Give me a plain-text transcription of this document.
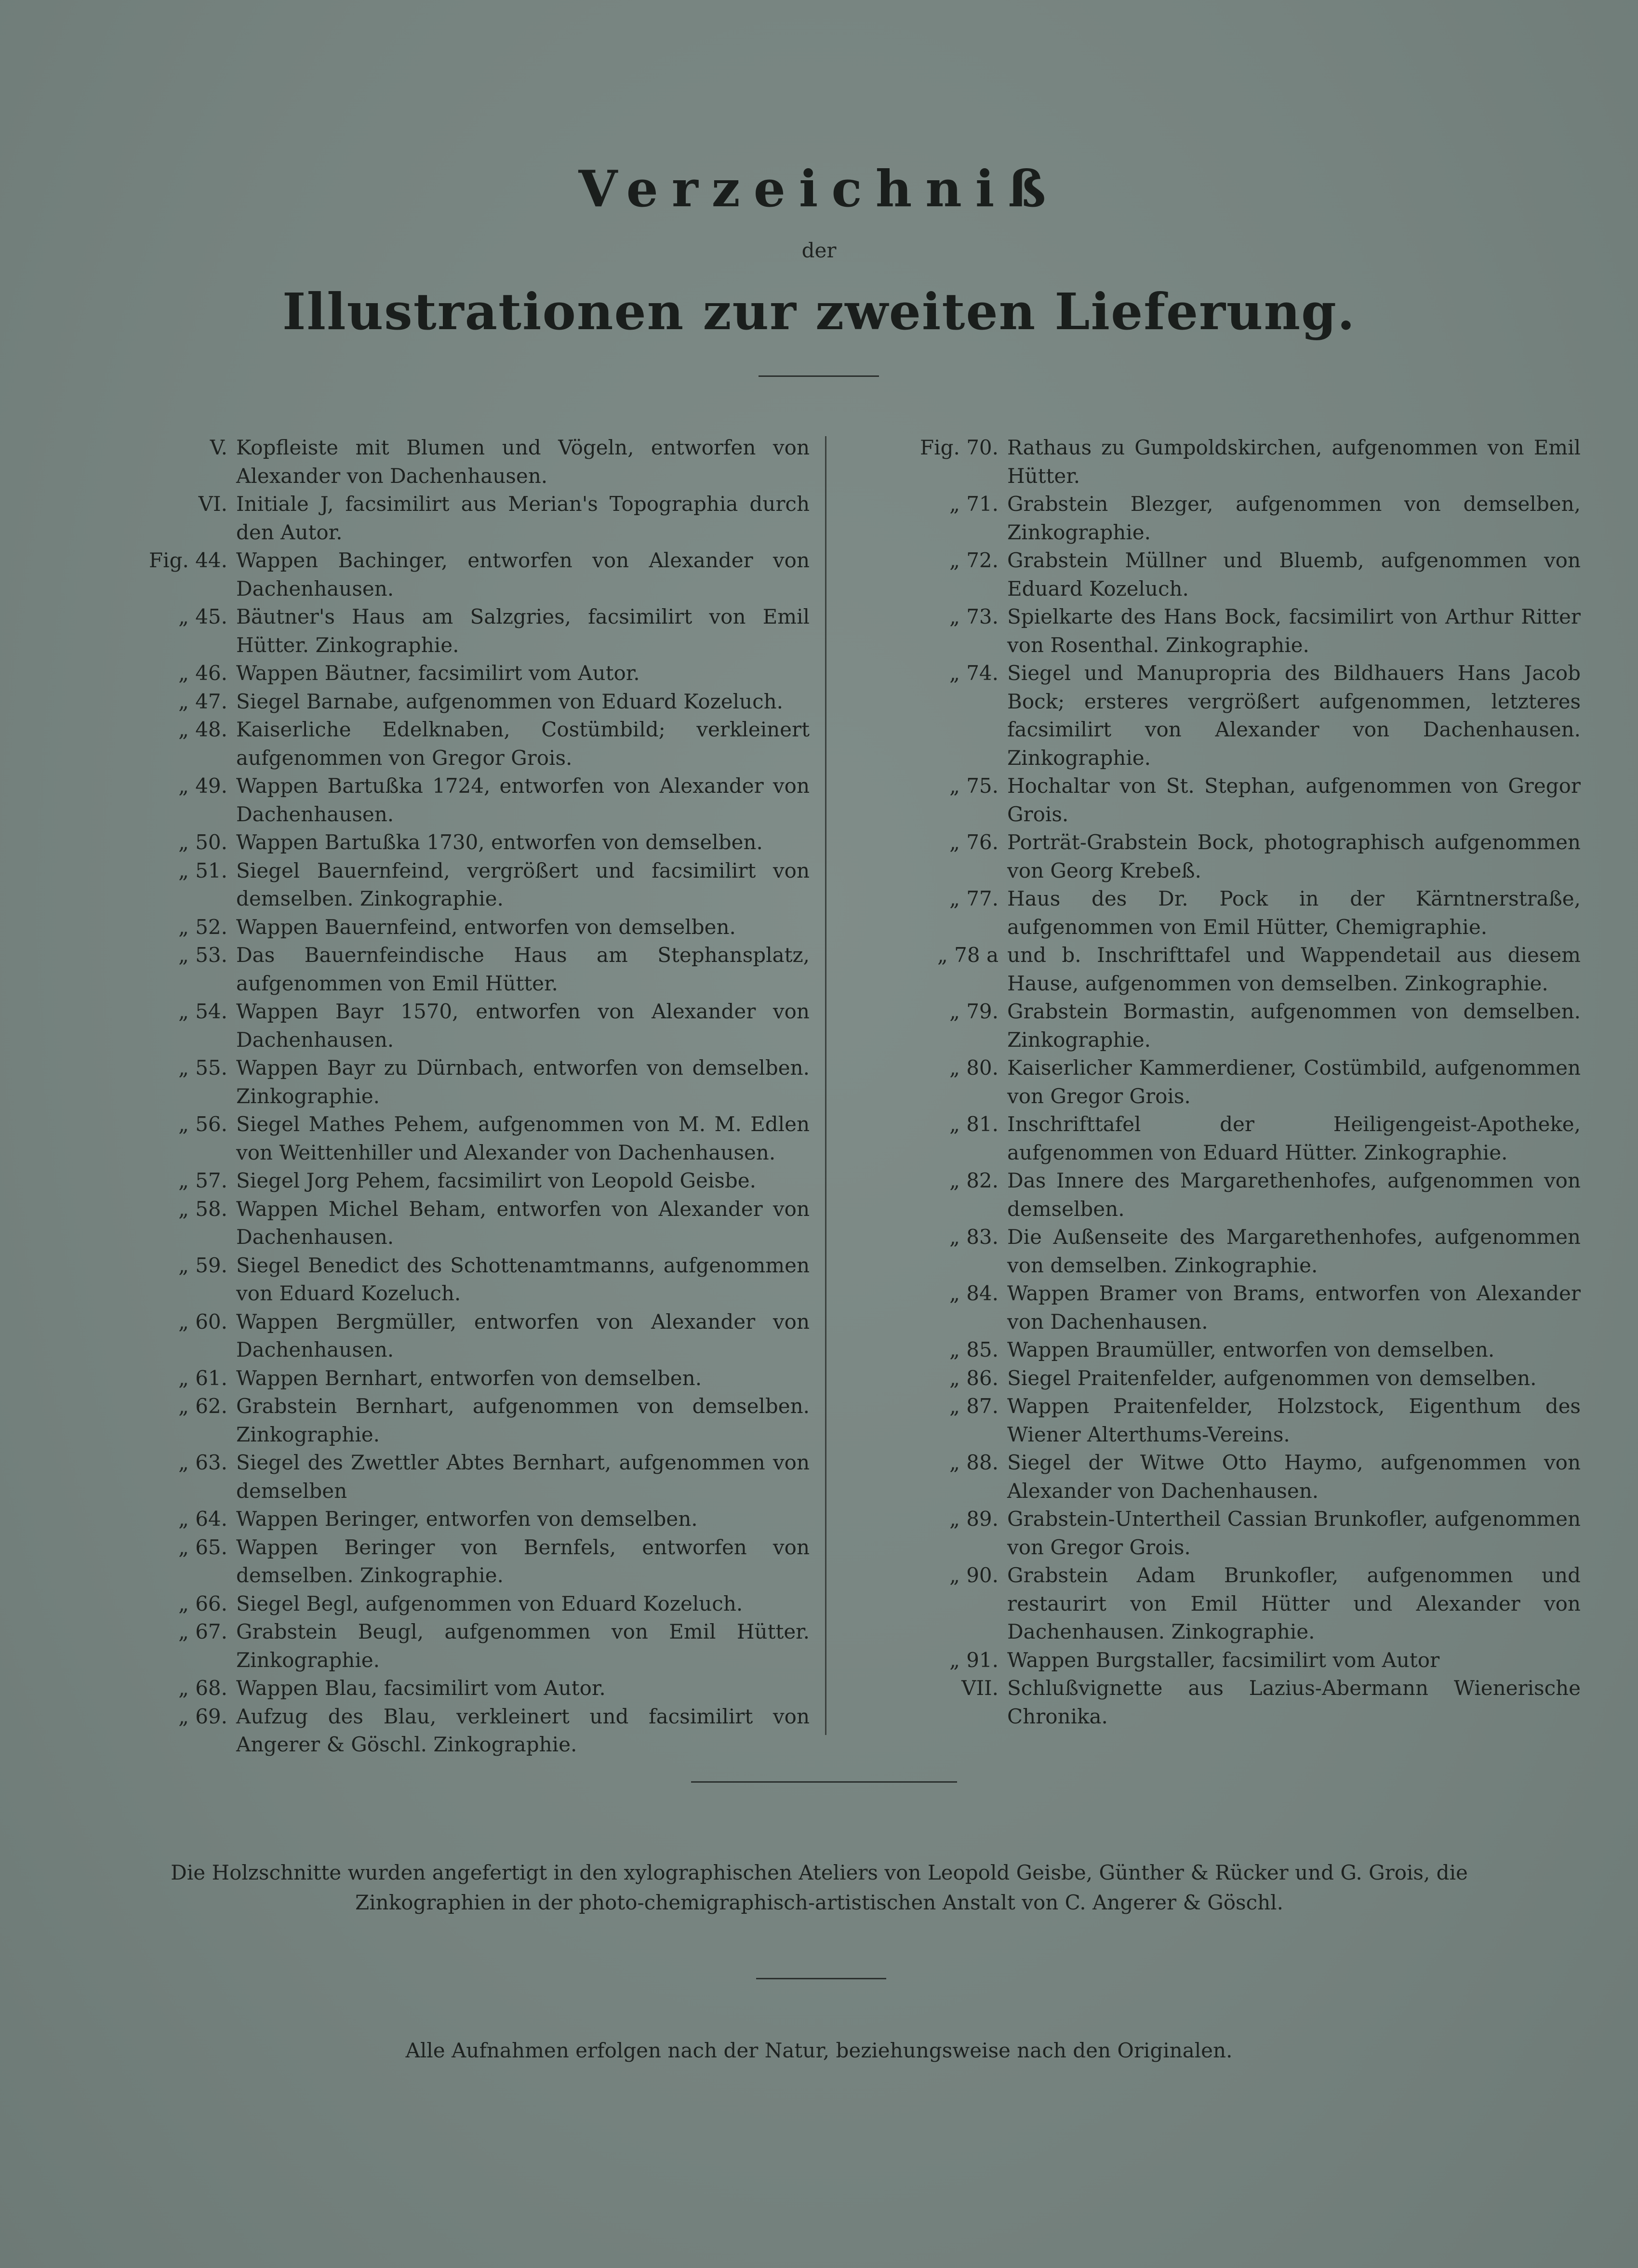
Verzeichniß
der
Illustrationen zur zweiten Lieferung.
V. Kopfleiste mit Blumen und Vögeln, entworfen von Alexander von Dachenhausen.
VI. Initiale J, facsimilirt aus Merian's Topographia durch den Autor.
Fig. 44. Wappen Bachinger, entworfen von Alexander von Dachenhausen.
„ 45. Bäutner's Haus am Salzgries, facsimilirt von Emil Hütter. Zinkographie.
„ 46. Wappen Bäutner, facsimilirt vom Autor.
„ 47. Siegel Barnabe, aufgenommen von Eduard Kozeluch.
„ 48. Kaiserliche Edelknaben, Costümbild; verkleinert aufgenommen von Gregor Grois.
„ 49. Wappen Bartußka 1724, entworfen von Alexander von Dachenhausen.
„ 50. Wappen Bartußka 1730, entworfen von demselben.
„ 51. Siegel Bauernfeind, vergrößert und facsimilirt von demselben. Zinkographie.
„ 52. Wappen Bauernfeind, entworfen von demselben.
„ 53. Das Bauernfeindische Haus am Stephansplatz, aufgenommen von Emil Hütter.
„ 54. Wappen Bayr 1570, entworfen von Alexander von Dachenhausen.
„ 55. Wappen Bayr zu Dürnbach, entworfen von demselben. Zinkographie.
„ 56. Siegel Mathes Pehem, aufgenommen von M. M. Edlen von Weittenhiller und Alexander von Dachenhausen.
„ 57. Siegel Jorg Pehem, facsimilirt von Leopold Geisbe.
„ 58. Wappen Michel Beham, entworfen von Alexander von Dachenhausen.
„ 59. Siegel Benedict des Schottenamtmanns, aufgenommen von Eduard Kozeluch.
„ 60. Wappen Bergmüller, entworfen von Alexander von Dachenhausen.
„ 61. Wappen Bernhart, entworfen von demselben.
„ 62. Grabstein Bernhart, aufgenommen von demselben. Zinkographie.
„ 63. Siegel des Zwettler Abtes Bernhart, aufgenommen von demselben
„ 64. Wappen Beringer, entworfen von demselben.
„ 65. Wappen Beringer von Bernfels, entworfen von demselben. Zinkographie.
„ 66. Siegel Begl, aufgenommen von Eduard Kozeluch.
„ 67. Grabstein Beugl, aufgenommen von Emil Hütter. Zinkographie.
„ 68. Wappen Blau, facsimilirt vom Autor.
„ 69. Aufzug des Blau, verkleinert und facsimilirt von Angerer & Göschl. Zinkographie.
Fig. 70. Rathaus zu Gumpoldskirchen, aufgenommen von Emil Hütter.
„ 71. Grabstein Blezger, aufgenommen von demselben, Zinkographie.
„ 72. Grabstein Müllner und Bluemb, aufgenommen von Eduard Kozeluch.
„ 73. Spielkarte des Hans Bock, facsimilirt von Arthur Ritter von Rosenthal. Zinkographie.
„ 74. Siegel und Manupropria des Bildhauers Hans Jacob Bock; ersteres vergrößert aufgenommen, letzteres facsimilirt von Alexander von Dachenhausen. Zinkographie.
„ 75. Hochaltar von St. Stephan, aufgenommen von Gregor Grois.
„ 76. Porträt-Grabstein Bock, photographisch aufgenommen von Georg Krebeß.
„ 77. Haus des Dr. Pock in der Kärntnerstraße, aufgenommen von Emil Hütter, Chemigraphie.
„ 78 a und b. Inschrifttafel und Wappendetail aus diesem Hause, aufgenommen von demselben. Zinkographie.
„ 79. Grabstein Bormastin, aufgenommen von demselben. Zinkographie.
„ 80. Kaiserlicher Kammerdiener, Costümbild, aufgenommen von Gregor Grois.
„ 81. Inschrifttafel der Heiligengeist-Apotheke, aufgenommen von Eduard Hütter. Zinkographie.
„ 82. Das Innere des Margarethenhofes, aufgenommen von demselben.
„ 83. Die Außenseite des Margarethenhofes, aufgenommen von demselben. Zinkographie.
„ 84. Wappen Bramer von Brams, entworfen von Alexander von Dachenhausen.
„ 85. Wappen Braumüller, entworfen von demselben.
„ 86. Siegel Praitenfelder, aufgenommen von demselben.
„ 87. Wappen Praitenfelder, Holzstock, Eigenthum des Wiener Alterthums-Vereins.
„ 88. Siegel der Witwe Otto Haymo, aufgenommen von Alexander von Dachenhausen.
„ 89. Grabstein-Untertheil Cassian Brunkofler, aufgenommen von Gregor Grois.
„ 90. Grabstein Adam Brunkofler, aufgenommen und restaurirt von Emil Hütter und Alexander von Dachenhausen. Zinkographie.
„ 91. Wappen Burgstaller, facsimilirt vom Autor
VII. Schlußvignette aus Lazius-Abermann Wienerische Chronika.
Die Holzschnitte wurden angefertigt in den xylographischen Ateliers von Leopold Geisbe, Günther & Rücker und G. Grois, die Zinkographien in der photo-chemigraphisch-artistischen Anstalt von C. Angerer & Göschl.
Alle Aufnahmen erfolgen nach der Natur, beziehungsweise nach den Originalen.
